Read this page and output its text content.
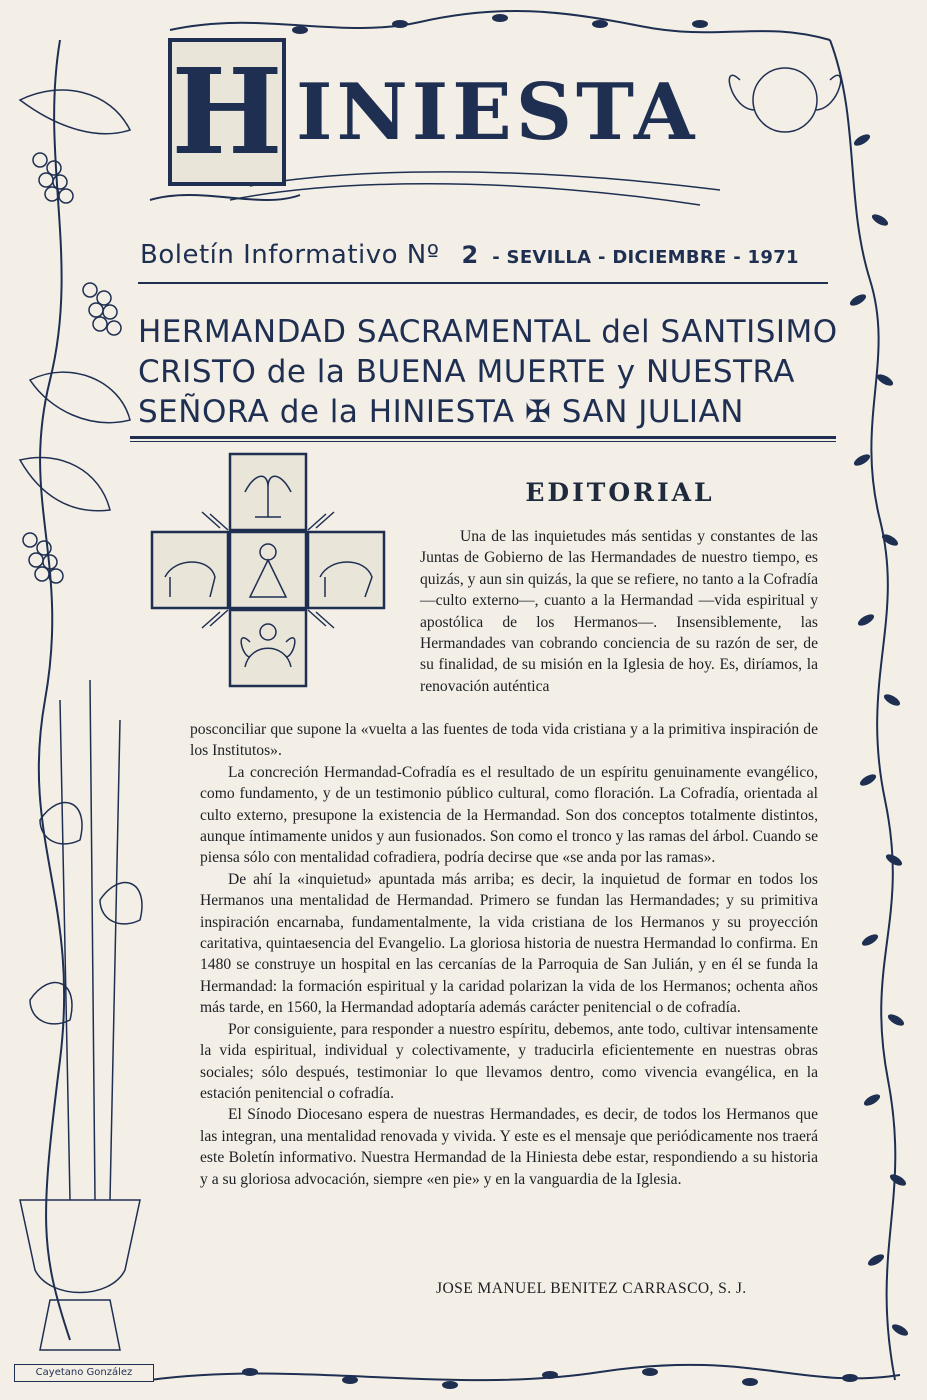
H INIESTA
Boletín Informativo Nº 2 - SEVILLA - DICIEMBRE - 1971
HERMANDAD SACRAMENTAL del SANTISIMO
CRISTO de la BUENA MUERTE y NUESTRA
SEÑORA de la HINIESTA ✠ SAN JULIAN
EDITORIAL

Una de las inquietudes más sentidas y constantes de las Juntas de Gobierno de las Hermandades de nuestro tiempo, es quizás, y aun sin quizás, la que se refiere, no tanto a la Cofradía —culto externo—, cuanto a la Hermandad —vida espiritual y apostólica de los Hermanos—. Insensiblemente, las Hermandades van cobrando conciencia de su razón de ser, de su finalidad, de su misión en la Iglesia de hoy. Es, diríamos, la renovación auténtica

posconciliar que supone la «vuelta a las fuentes de toda vida cristiana y a la primitiva inspiración de los Institutos».

La concreción Hermandad-Cofradía es el resultado de un espíritu genuinamente evangélico, como fundamento, y de un testimonio público cultural, como floración. La Cofradía, orientada al culto externo, presupone la existencia de la Hermandad. Son dos conceptos totalmente distintos, aunque íntimamente unidos y aun fusionados. Son como el tronco y las ramas del árbol. Cuando se piensa sólo con mentalidad cofradiera, podría decirse que «se anda por las ramas».

De ahí la «inquietud» apuntada más arriba; es decir, la inquietud de formar en todos los Hermanos una mentalidad de Hermandad. Primero se fundan las Hermandades; y su primitiva inspiración encarnaba, fundamentalmente, la vida cristiana de los Hermanos y su proyección caritativa, quintaesencia del Evangelio. La gloriosa historia de nuestra Hermandad lo confirma. En 1480 se construye un hospital en las cercanías de la Parroquia de San Julián, y en él se funda la Hermandad: la formación espiritual y la caridad polarizan la vida de los Hermanos; ochenta años más tarde, en 1560, la Hermandad adoptaría además carácter penitencial o de cofradía.

Por consiguiente, para responder a nuestro espíritu, debemos, ante todo, cultivar intensamente la vida espiritual, individual y colectivamente, y traducirla eficientemente en nuestras obras sociales; sólo después, testimoniar lo que llevamos dentro, como vivencia evangélica, en la estación penitencial o cofradía.

El Sínodo Diocesano espera de nuestras Hermandades, es decir, de todos los Hermanos que las integran, una mentalidad renovada y vivida. Y este es el mensaje que periódicamente nos traerá este Boletín informativo. Nuestra Hermandad de la Hiniesta debe estar, respondiendo a su historia y a su gloriosa advocación, siempre «en pie» y en la vanguardia de la Iglesia.

JOSE MANUEL BENITEZ CARRASCO, S. J.
Cayetano González
